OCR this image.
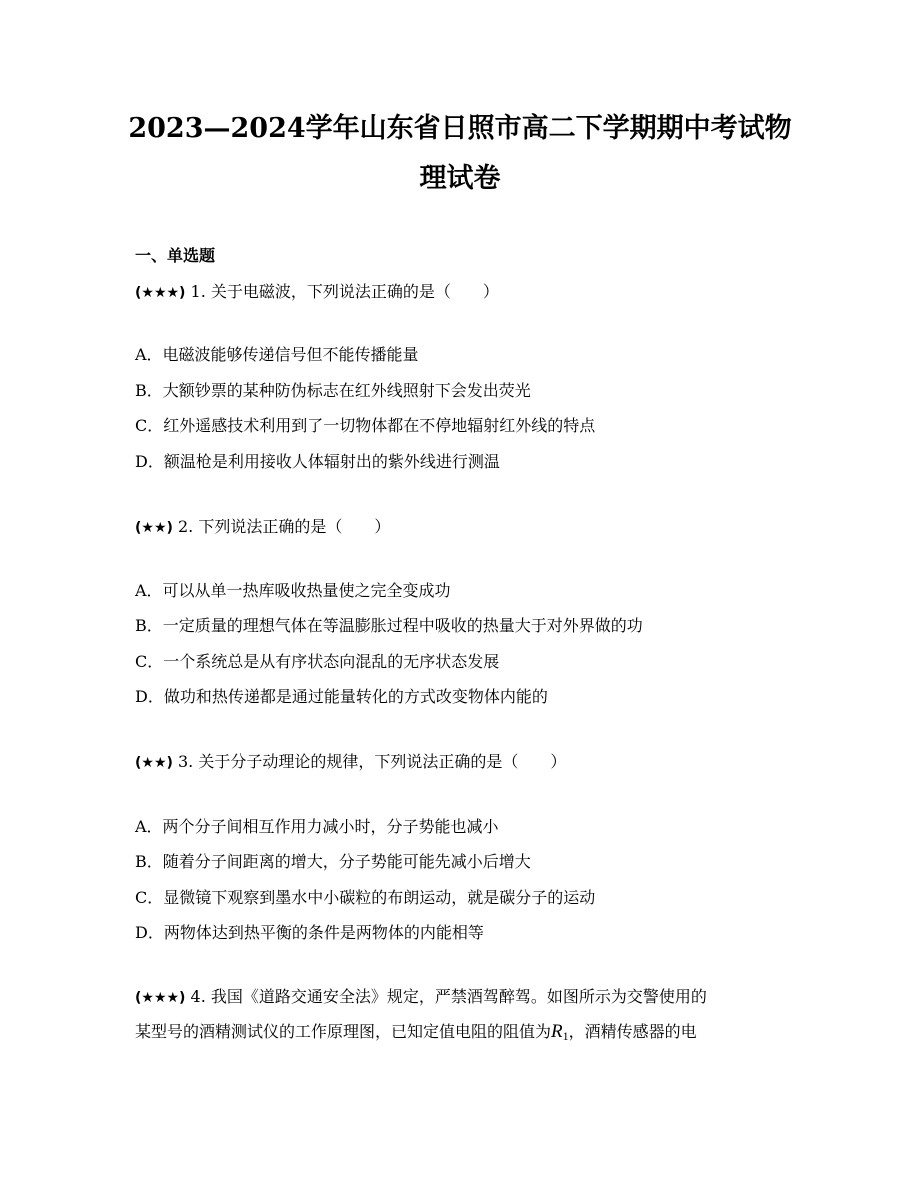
2023—2024学年山东省日照市高二下学期期中考试物
理试卷
一、单选题
(★★★) 1. 关于电磁波，下列说法正确的是（ ）
A．电磁波能够传递信号但不能传播能量
B．大额钞票的某种防伪标志在红外线照射下会发出荧光
C．红外遥感技术利用到了一切物体都在不停地辐射红外线的特点
D．额温枪是利用接收人体辐射出的紫外线进行测温
(★★) 2. 下列说法正确的是（ ）
A．可以从单一热库吸收热量使之完全变成功
B．一定质量的理想气体在等温膨胀过程中吸收的热量大于对外界做的功
C．一个系统总是从有序状态向混乱的无序状态发展
D．做功和热传递都是通过能量转化的方式改变物体内能的
(★★) 3. 关于分子动理论的规律，下列说法正确的是（ ）
A．两个分子间相互作用力减小时，分子势能也减小
B．随着分子间距离的增大，分子势能可能先减小后增大
C．显微镜下观察到墨水中小碳粒的布朗运动，就是碳分子的运动
D．两物体达到热平衡的条件是两物体的内能相等
(★★★) 4. 我国《道路交通安全法》规定，严禁酒驾醉驾。如图所示为交警使用的
某型号的酒精测试仪的工作原理图，已知定值电阻的阻值为R1，酒精传感器的电
